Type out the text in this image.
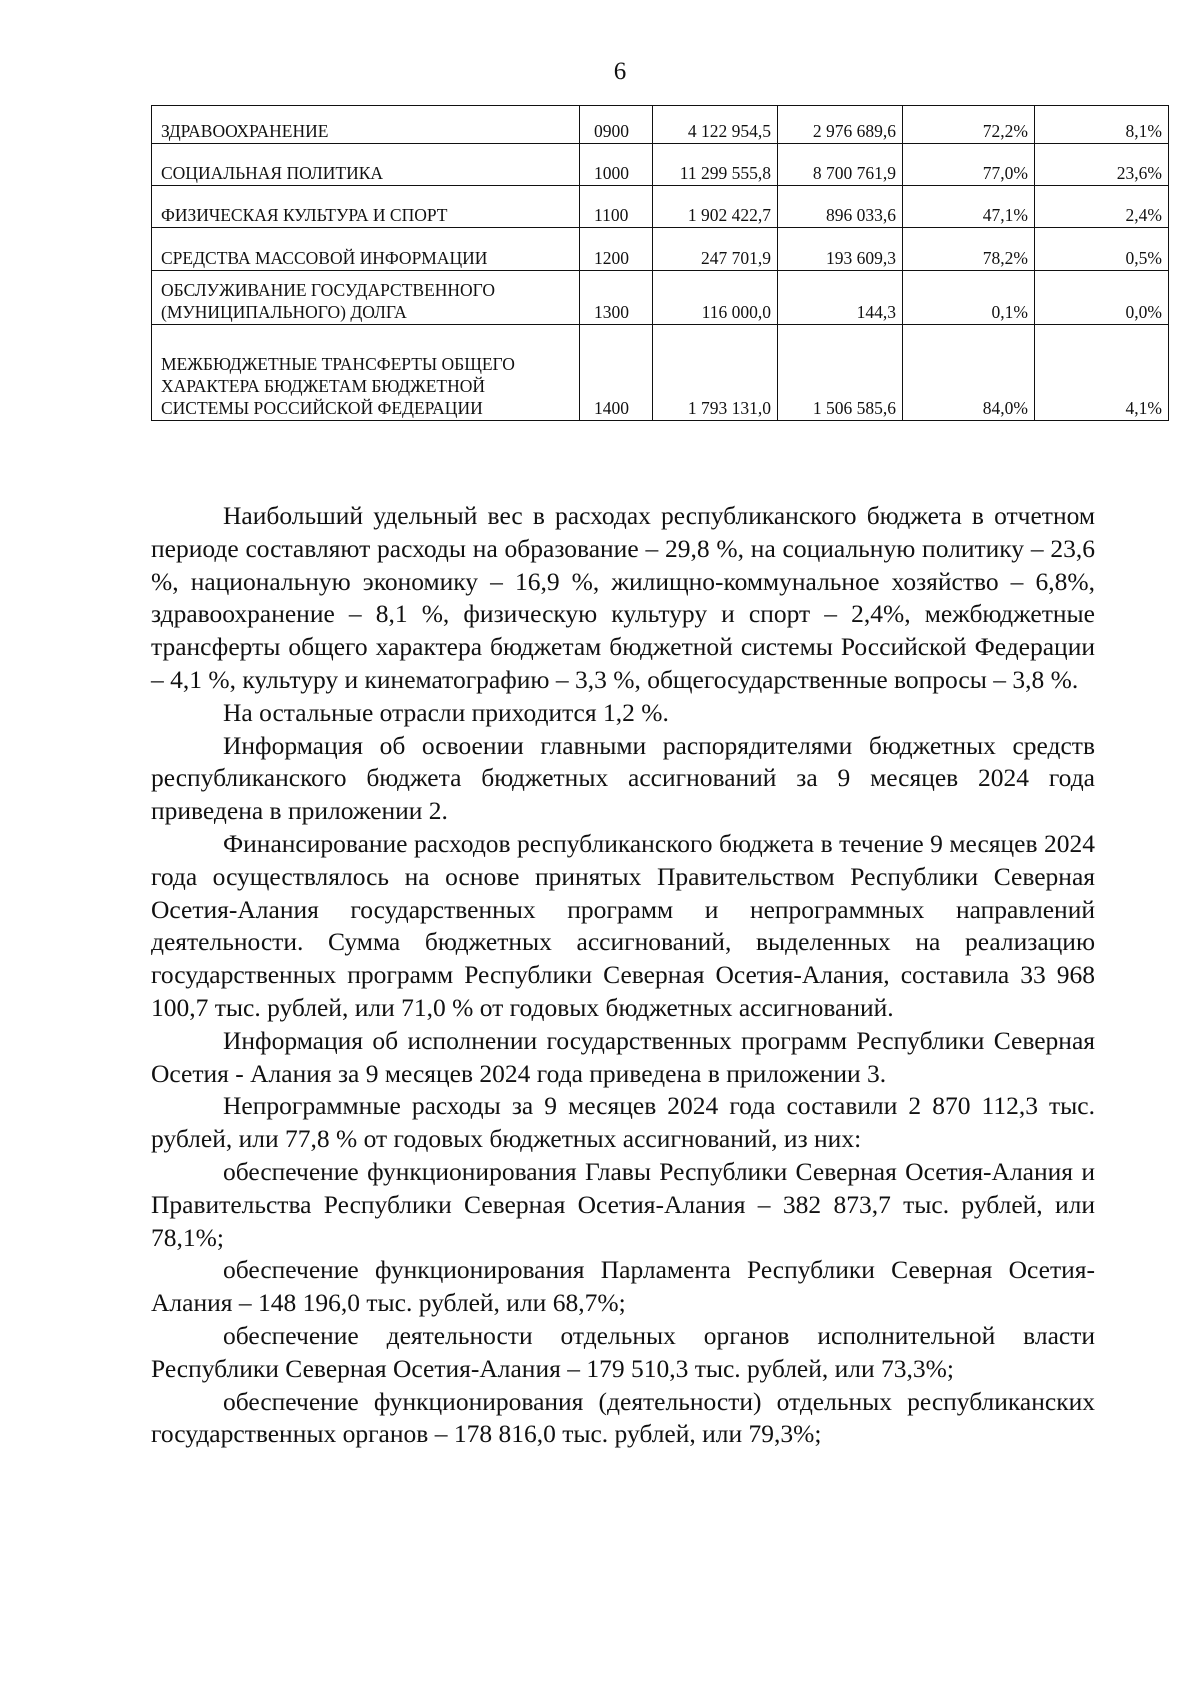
6
ЗДРАВООХРАНЕНИЕ	0900	4 122 954,5	2 976 689,6	72,2%	8,1%
СОЦИАЛЬНАЯ ПОЛИТИКА	1000	11 299 555,8	8 700 761,9	77,0%	23,6%
ФИЗИЧЕСКАЯ КУЛЬТУРА И СПОРТ	1100	1 902 422,7	896 033,6	47,1%	2,4%
СРЕДСТВА МАССОВОЙ ИНФОРМАЦИИ	1200	247 701,9	193 609,3	78,2%	0,5%
ОБСЛУЖИВАНИЕ ГОСУДАРСТВЕННОГО (МУНИЦИПАЛЬНОГО) ДОЛГА	1300	116 000,0	144,3	0,1%	0,0%
МЕЖБЮДЖЕТНЫЕ ТРАНСФЕРТЫ ОБЩЕГО ХАРАКТЕРА БЮДЖЕТАМ БЮДЖЕТНОЙ СИСТЕМЫ РОССИЙСКОЙ ФЕДЕРАЦИИ	1400	1 793 131,0	1 506 585,6	84,0%	4,1%

Наибольший удельный вес в расходах республиканского бюджета в отчетном периоде составляют расходы на образование – 29,8 %, на социальную политику – 23,6 %, национальную экономику – 16,9 %, жилищно-коммунальное хозяйство – 6,8%, здравоохранение – 8,1 %, физическую культуру и спорт – 2,4%, межбюджетные трансферты общего характера бюджетам бюджетной системы Российской Федерации – 4,1 %, культуру и кинематографию – 3,3 %, общегосударственные вопросы – 3,8 %.

На остальные отрасли приходится 1,2 %.

Информация об освоении главными распорядителями бюджетных средств республиканского бюджета бюджетных ассигнований за 9 месяцев 2024 года приведена в приложении 2.

Финансирование расходов республиканского бюджета в течение 9 месяцев 2024 года осуществлялось на основе принятых Правительством Республики Северная Осетия-Алания государственных программ и непрограммных направлений деятельности. Сумма бюджетных ассигнований, выделенных на реализацию государственных программ Республики Северная Осетия-Алания, составила 33 968 100,7 тыс. рублей, или 71,0 % от годовых бюджетных ассигнований.

Информация об исполнении государственных программ Республики Северная Осетия - Алания за 9 месяцев 2024 года приведена в приложении 3.

Непрограммные расходы за 9 месяцев 2024 года составили 2 870 112,3 тыс. рублей, или 77,8 % от годовых бюджетных ассигнований, из них:

обеспечение функционирования Главы Республики Северная Осетия-Алания и Правительства Республики Северная Осетия-Алания – 382 873,7 тыс. рублей, или 78,1%;

обеспечение функционирования Парламента Республики Северная Осетия-Алания – 148 196,0 тыс. рублей, или 68,7%;

обеспечение деятельности отдельных органов исполнительной власти Республики Северная Осетия-Алания – 179 510,3 тыс. рублей, или 73,3%;

обеспечение функционирования (деятельности) отдельных республиканских государственных органов – 178 816,0 тыс. рублей, или 79,3%;
